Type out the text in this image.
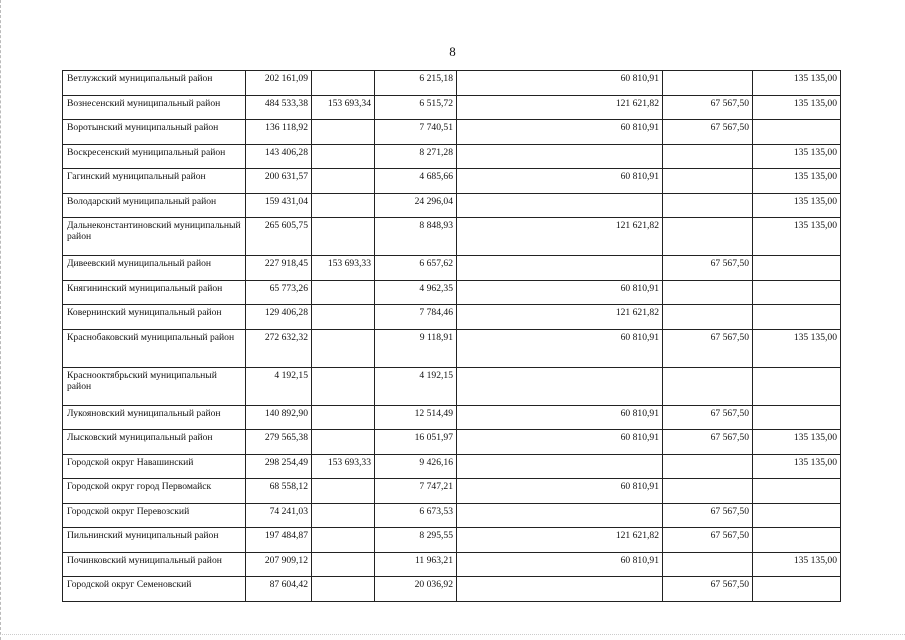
8
Ветлужский муниципальный район	202 161,09		6 215,18	60 810,91		135 135,00
Вознесенский муниципальный район	484 533,38	153 693,34	6 515,72	121 621,82	67 567,50	135 135,00
Воротынский муниципальный район	136 118,92		7 740,51	60 810,91	67 567,50	
Воскресенский муниципальный район	143 406,28		8 271,28			135 135,00
Гагинский муниципальный район	200 631,57		4 685,66	60 810,91		135 135,00
Володарский муниципальный район	159 431,04		24 296,04			135 135,00
Дальнеконстантиновский муниципальный район	265 605,75		8 848,93	121 621,82		135 135,00
Дивеевский муниципальный район	227 918,45	153 693,33	6 657,62		67 567,50	
Княгининский муниципальный район	65 773,26		4 962,35	60 810,91		
Ковернинский муниципальный район	129 406,28		7 784,46	121 621,82		
Краснобаковский муниципальный район	272 632,32		9 118,91	60 810,91	67 567,50	135 135,00
Краснооктябрьский муниципальный район	4 192,15		4 192,15			
Лукояновский муниципальный район	140 892,90		12 514,49	60 810,91	67 567,50	
Лысковский муниципальный район	279 565,38		16 051,97	60 810,91	67 567,50	135 135,00
Городской округ Навашинский	298 254,49	153 693,33	9 426,16			135 135,00
Городской округ город Первомайск	68 558,12		7 747,21	60 810,91		
Городской округ Перевозский	74 241,03		6 673,53		67 567,50	
Пильнинский муниципальный район	197 484,87		8 295,55	121 621,82	67 567,50	
Починковский муниципальный район	207 909,12		11 963,21	60 810,91		135 135,00
Городской округ Семеновский	87 604,42		20 036,92		67 567,50	
